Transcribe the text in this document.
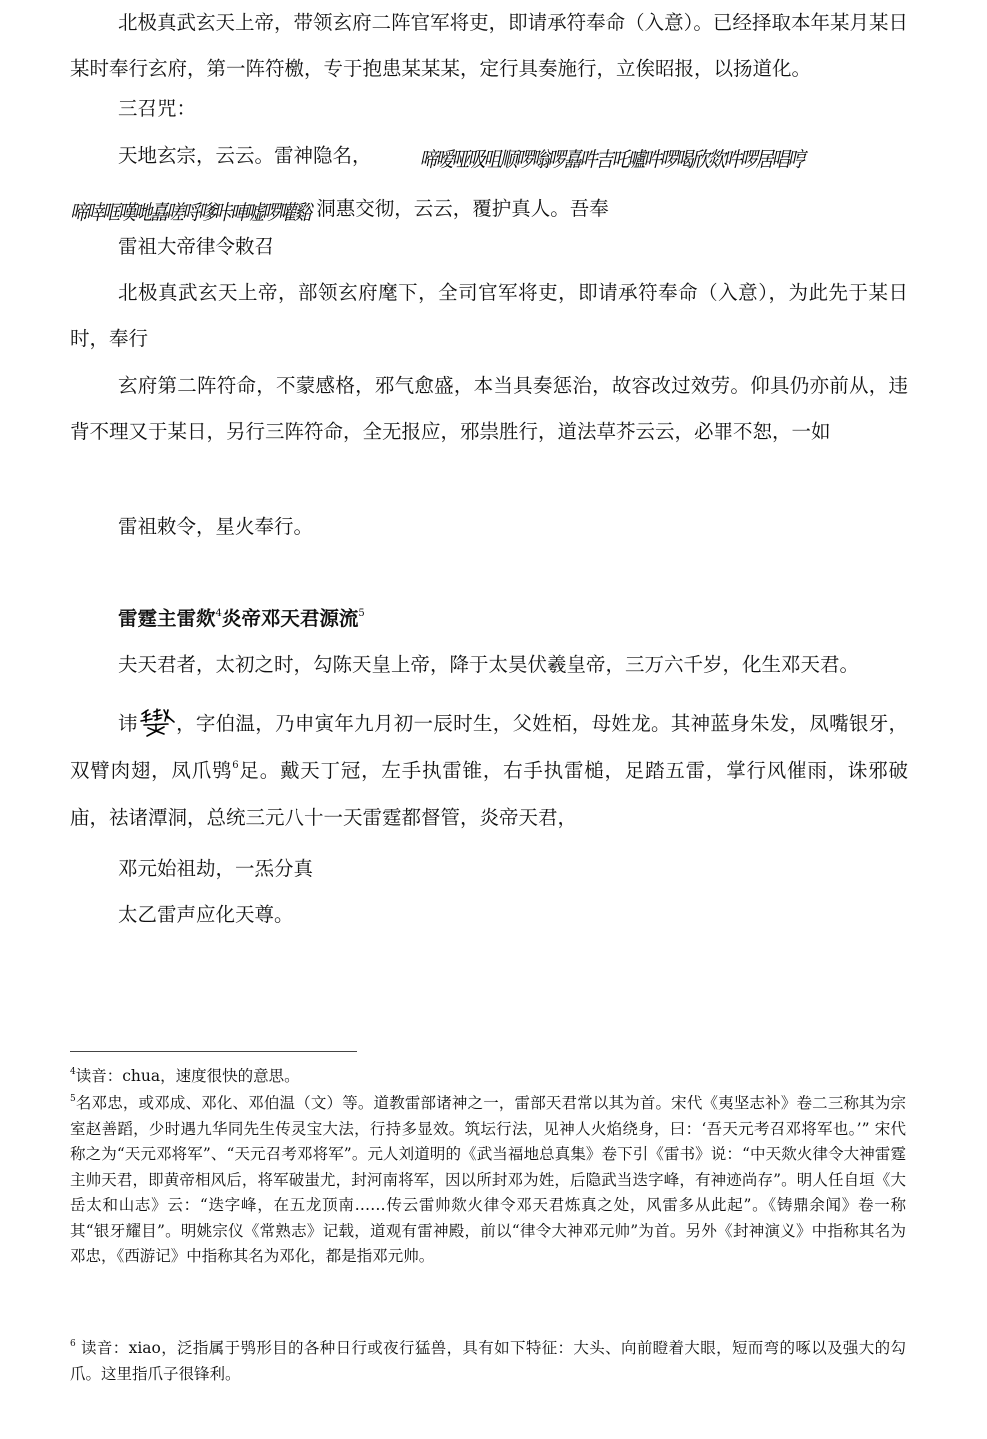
北极真武玄天上帝，带领玄府二阵官军将吏，即请承符奉命（入意）。已经择取本年某月某日某时奉行玄府，第一阵符檄，专于抱患某某某，定行具奏施行，立俟昭报，以扬道化。

三召咒：

天地玄宗，云云。雷神隐名，	啼嗳哑吸咀顺啰嗡啰嚞吽吉吒嚧吽啰喝欣欻吽啰居唱哼
啼啈哐嘆哋嚞嗟哷嗲咔唓嘘啰嚾谿 洞惠交彻，云云，覆护真人。吾奉

雷祖大帝律令敕召

北极真武玄天上帝，部领玄府麾下，全司官军将吏，即请承符奉命（入意），为此先于某日时，奉行

玄府第二阵符命，不蒙感格，邪气愈盛，本当具奏惩治，故容改过效劳。仰具仍亦前从，违背不理又于某日，另行三阵符命，全无报应，邪祟胜行，道法草芥云云，必罪不恕，一如

雷祖敕令，星火奉行。

雷霆主雷欻$^4$炎帝邓天君源流$^5$

夫天君者，太初之时，勾陈天皇上帝，降于太昊伏羲皇帝，三万六千岁，化生邓天君。

讳 ，字伯温，乃申寅年九月初一辰时生，父姓栢，母姓龙。其神蓝身朱发，凤嘴银牙，双臂肉翅，凤爪鸮$^6$足。戴天丁冠，左手执雷锥，右手执雷槌，足踏五雷，掌行风催雨，诛邪破庙，祛诸潭洞，总统三元八十一天雷霆都督管，炎帝天君，

邓元始祖劫，一炁分真

太乙雷声应化天尊。

$^4$读音：chua，速度很快的意思。

$^5$名邓忠，或邓成、邓化、邓伯温（文）等。道教雷部诸神之一，雷部天君常以其为首。宋代《夷坚志补》卷二三称其为宗室赵善蹈，少时遇九华同先生传灵宝大法，行持多显效。筑坛行法，见神人火焰绕身，曰：‘吾天元考召邓将军也。’” 宋代称之为“天元邓将军”、“天元召考邓将军”。元人刘道明的《武当福地总真集》卷下引《雷书》说：“中天欻火律令大神雷霆主帅天君，即黄帝相风后，将军破蚩尤，封河南将军，因以所封邓为姓，后隐武当迭字峰，有神迹尚存”。明人任自垣《大岳太和山志》云：“迭字峰，在五龙顶南……传云雷帅欻火律令邓天君炼真之处，风雷多从此起”。《铸鼎余闻》卷一称其“银牙耀目”。明姚宗仪《常熟志》记载，道观有雷神殿，前以“律令大神邓元帅”为首。另外《封神演义》中指称其名为邓忠，《西游记》中指称其名为邓化，都是指邓元帅。

$^6$ 读音：xiao，泛指属于鸮形目的各种日行或夜行猛兽，具有如下特征：大头、向前瞪着大眼，短而弯的啄以及强大的勾爪。这里指爪子很锋利。
